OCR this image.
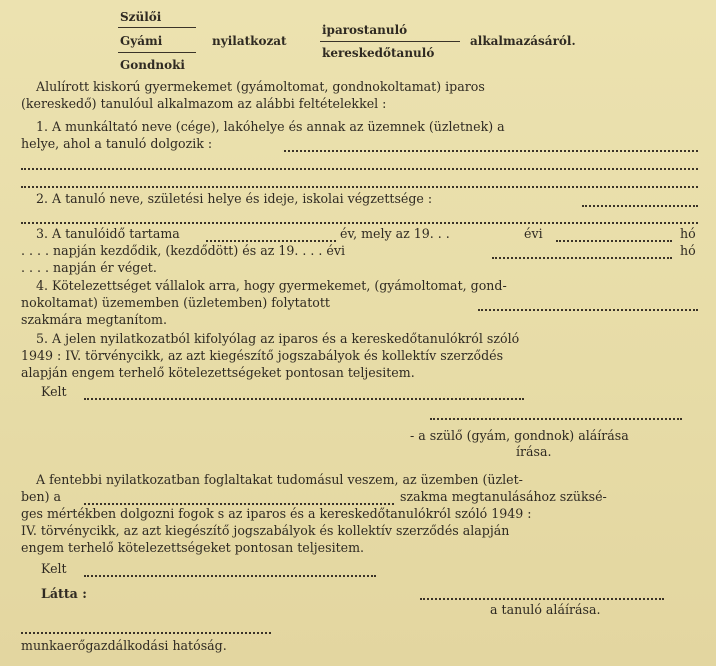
Szülői
Gyámi
Gondnoki
nyilatkozat
iparostanuló
kereskedőtanuló
alkalmazásáról.
Alulírott kiskorú gyermekemet (gyámoltomat, gondnokoltamat) iparos
(kereskedő) tanulóul alkalmazom az alábbi feltételekkel :
1. A munkáltató neve (cége), lakóhelye és annak az üzemnek (üzletnek) a
helye, ahol a tanuló dolgozik :
2. A tanuló neve, születési helye és ideje, iskolai végzettsége :
3. A tanulóidő tartama	év, mely az 19. . .	évi	hó
. . . . napján kezdődik, (kezdődött) és az 19. . . . évi	hó
. . . . napján ér véget.
4. Kötelezettséget vállalok arra, hogy gyermekemet, (gyámoltomat, gond-
nokoltamat) üzememben (üzletemben) folytatott
szakmára megtanítom.
5. A jelen nyilatkozatból kifolyólag az iparos és a kereskedőtanulókról szóló
1949 : IV. törvénycikk, az azt kiegészítő jogszabályok és kollektív szerződés
alapján engem terhelő kötelezettségeket pontosan teljesitem.
Kelt
- a szülő (gyám, gondnok) aláírása
írása.
A fentebbi nyilatkozatban foglaltakat tudomásul veszem, az üzemben (üzlet-
ben) a	szakma megtanulásához szüksé-
ges mértékben dolgozni fogok s az iparos és a kereskedőtanulókról szóló 1949 :
IV. törvénycikk, az azt kiegészítő jogszabályok és kollektív szerződés alapján
engem terhelő kötelezettségeket pontosan teljesitem.
Kelt
Látta :
a tanuló aláírása.
munkaerőgazdálkodási hatóság.
